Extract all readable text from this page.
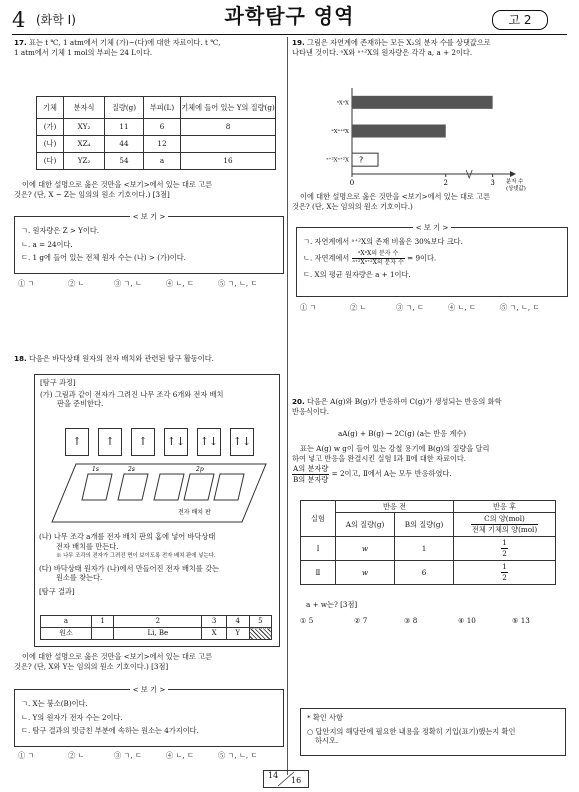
4 (화학 I)	과학탐구 영역	고 2
17. 표는 t ℃, 1 atm에서 기체 (가)~(다)에 대한 자료이다. t ℃,
1 atm에서 기체 1 mol의 부피는 24 L이다.
기체	분자식	질량(g)	부피(L)	기체에 들어 있는 Y의 질량(g)
(가)	XY₂	11	6	8
(나)	XZ₄	44	12	
(다)	YZ₂	54	a	16
이에 대한 설명으로 옳은 것만을 <보기>에서 있는 대로 고른
것은? (단, X ~ Z는 임의의 원소 기호이다.) [3점]
< 보 기 >
ㄱ. 원자량은 Z > Y이다.
ㄴ. a = 24이다.
ㄷ. 1 g에 들어 있는 전체 원자 수는 (나) > (가)이다.
① ㄱ	② ㄴ	③ ㄱ, ㄴ	④ ㄴ, ㄷ	⑤ ㄱ, ㄴ, ㄷ
18. 다음은 바닥상태 원자의 전자 배치와 관련된 탐구 활동이다.
[탐구 과정]
(가) 그림과 같이 전자가 그려진 나무 조각 6개와 전자 배치
판을 준비한다.
↑	↑	↑	↑↓ ↑↓ ↑↓
1s	2s	2p
전자 배치 판
(나) 나무 조각 a개를 전자 배치 판의 홈에 넣어 바닥상태
전자 배치를 만든다.
※ 나무 조각의 전자가 그려진 면이 보이도록 전자 배치 판에 넣는다.
(다) 바닥상태 원자가 (나)에서 만들어진 전자 배치를 갖는
원소를 찾는다.
[탐구 결과]
a	1	2	3	4	5
원소		Li, Be	X	Y	
이에 대한 설명으로 옳은 것만을 <보기>에서 있는 대로 고른
것은? (단, X와 Y는 임의의 원소 기호이다.) [3점]
< 보 기 >
ㄱ. X는 붕소(B)이다.
ㄴ. Y의 원자가 전자 수는 2이다.
ㄷ. 탐구 결과의 빗금친 부분에 속하는 원소는 4가지이다.
① ㄱ	② ㄴ	③ ㄱ, ㄷ	④ ㄴ, ㄷ	⑤ ㄱ, ㄴ, ㄷ
19. 그림은 자연계에 존재하는 모든 X₂의 분자 수를 상댓값으로
나타낸 것이다. ᵃX와 ᵃ⁺²X의 원자량은 각각 a, a + 2이다.
ᵃXᵃX
ᵃXᵃ⁺²X
ᵃ⁺²Xᵃ⁺²X ?
0	2	3 분자 수
(상댓값)
이에 대한 설명으로 옳은 것만을 <보기>에서 있는 대로 고른
것은? (단, X는 임의의 원소 기호이다.)
< 보 기 >
ㄱ. 자연계에서 ᵃ⁺²X의 존재 비율은 30%보다 크다.
ㄴ. 자연계에서 $\frac{\text{ᵃXᵃX의 분자 수}}{\text{ᵃ⁺²Xᵃ⁺²X의 분자 수}} = 9$이다.
ㄷ. X의 평균 원자량은 a + 1이다.
① ㄱ	② ㄴ	③ ㄱ, ㄷ	④ ㄴ, ㄷ	⑤ ㄱ, ㄴ, ㄷ
20. 다음은 A(g)와 B(g)가 반응하여 C(g)가 생성되는 반응의 화학
반응식이다.
aA(g) + B(g) → 2C(g) (a는 반응 계수)
표는 A(g) w g이 들어 있는 강철 용기에 B(g)의 질량을 달리
하여 넣고 반응을 완결시킨 실험 Ⅰ과 Ⅱ에 대한 자료이다.
$\frac{\text{A의 분자량}}{\text{B의 분자량}} = 2$이고, Ⅱ에서 A는 모두 반응하였다.
실험	반응 전		반응 후
	A의 질량(g)	B의 질량(g)	$\frac{\text{C의 양(mol)}}{\text{전체 기체의 양(mol)}}$

Ⅰ	w	1	$\frac{1}{2}$

Ⅱ	w	6	$\frac{1}{2}$
a + w는? [3점]
① 5	② 7	③ 8	④ 10	⑤ 13
* 확인 사항
○ 답안지의 해당란에 필요한 내용을 정확히 기입(표기)했는지 확인
하시오.
14
16
